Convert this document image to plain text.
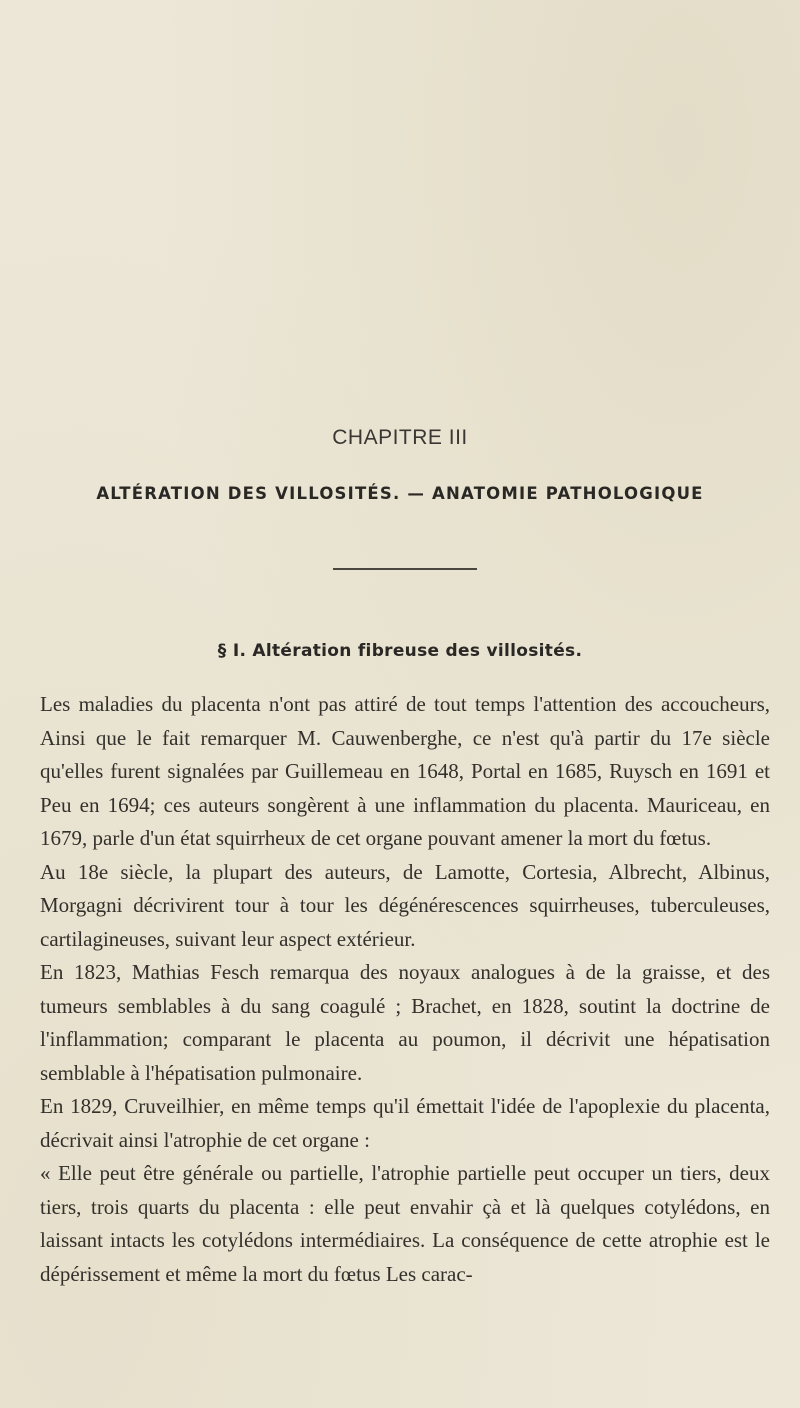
CHAPITRE III
ALTÉRATION DES VILLOSITÉS. — ANATOMIE PATHOLOGIQUE
§ I. Altération fibreuse des villosités.

Les maladies du placenta n'ont pas attiré de tout temps l'attention des accoucheurs, Ainsi que le fait remarquer M. Cauwenberghe, ce n'est qu'à partir du 17e siècle qu'elles furent signalées par Guillemeau en 1648, Portal en 1685, Ruysch en 1691 et Peu en 1694; ces auteurs songèrent à une inflammation du placenta. Mauriceau, en 1679, parle d'un état squirrheux de cet organe pouvant amener la mort du fœtus.

Au 18e siècle, la plupart des auteurs, de Lamotte, Cortesia, Albrecht, Albinus, Morgagni décrivirent tour à tour les dégénérescences squirrheuses, tuberculeuses, cartilagineuses, suivant leur aspect extérieur.

En 1823, Mathias Fesch remarqua des noyaux analogues à de la graisse, et des tumeurs semblables à du sang coagulé ; Brachet, en 1828, soutint la doctrine de l'inflammation; comparant le placenta au poumon, il décrivit une hépatisation semblable à l'hépatisation pulmonaire.

En 1829, Cruveilhier, en même temps qu'il émettait l'idée de l'apoplexie du placenta, décrivait ainsi l'atrophie de cet organe :

« Elle peut être générale ou partielle, l'atrophie partielle peut occuper un tiers, deux tiers, trois quarts du placenta : elle peut envahir çà et là quelques cotylédons, en laissant intacts les cotylédons intermédiaires. La conséquence de cette atrophie est le dépérissement et même la mort du fœtus Les carac-
